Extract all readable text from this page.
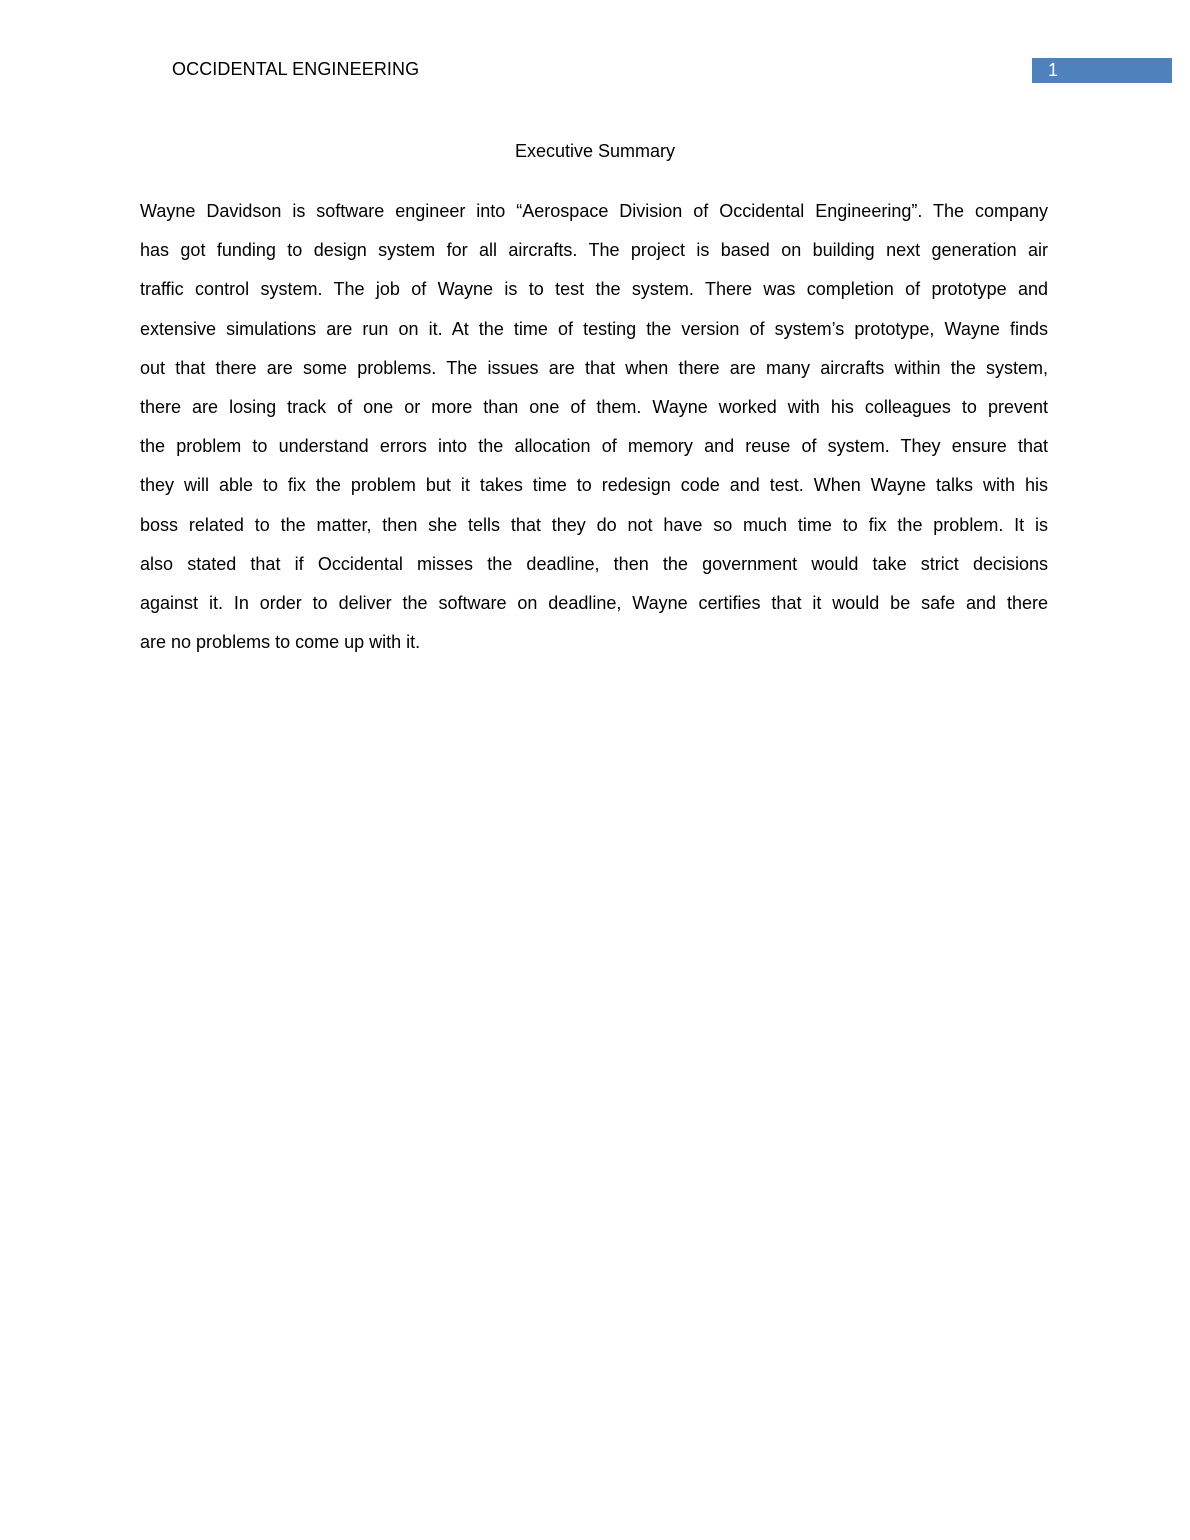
OCCIDENTAL ENGINEERING	1
Executive Summary
Wayne Davidson is software engineer into “Aerospace Division of Occidental Engineering”. The company
has got funding to design system for all aircrafts. The project is based on building next generation air
traffic control system. The job of Wayne is to test the system. There was completion of prototype and
extensive simulations are run on it. At the time of testing the version of system’s prototype, Wayne finds
out that there are some problems. The issues are that when there are many aircrafts within the system,
there are losing track of one or more than one of them. Wayne worked with his colleagues to prevent
the problem to understand errors into the allocation of memory and reuse of system. They ensure that
they will able to fix the problem but it takes time to redesign code and test. When Wayne talks with his
boss related to the matter, then she tells that they do not have so much time to fix the problem. It is
also stated that if Occidental misses the deadline, then the government would take strict decisions
against it. In order to deliver the software on deadline, Wayne certifies that it would be safe and there
are no problems to come up with it.
